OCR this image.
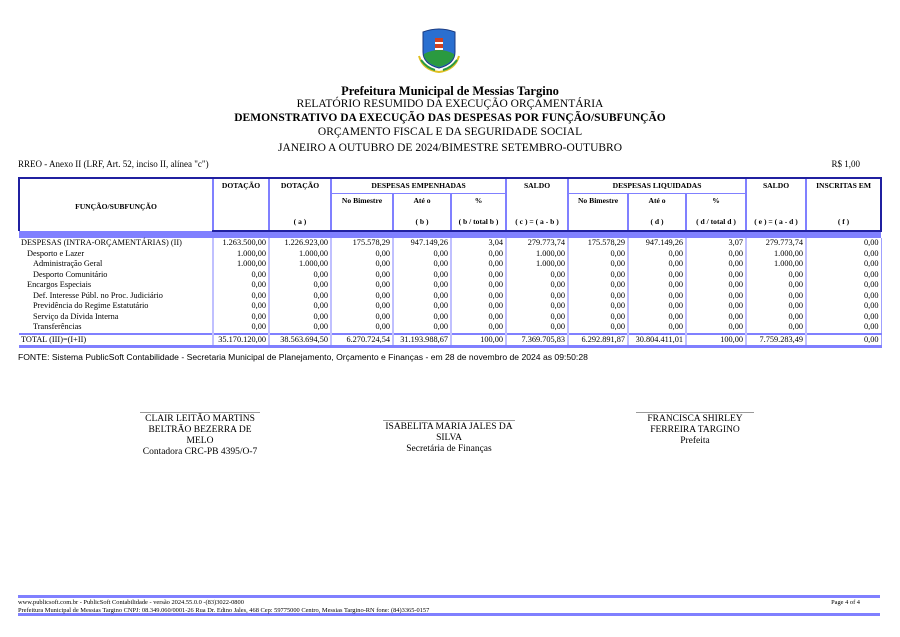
Prefeitura Municipal de Messias Targino
RELATÓRIO RESUMIDO DA EXECUÇÃO ORÇAMENTÁRIA
DEMONSTRATIVO DA EXECUÇÃO DAS DESPESAS POR FUNÇÃO/SUBFUNÇÃO
ORÇAMENTO FISCAL E DA SEGURIDADE SOCIAL
JANEIRO A OUTUBRO DE 2024/BIMESTRE SETEMBRO-OUTUBRO
RREO - Anexo II (LRF, Art. 52, inciso II, alínea "c")	R$ 1,00
FUNÇÃO/SUBFUNÇÃO	DOTAÇÃO	DOTAÇÃO	DESPESAS EMPENHADAS			SALDO	DESPESAS LIQUIDADAS			SALDO	INSCRITAS EM
			No Bimestre	Até o	%		No Bimestre	Até o	%		
		( a )		( b )	( b / total b )	( c ) = ( a - b )		( d )	( d / total d )	( e ) = ( a - d )	( f )

DESPESAS (INTRA-ORÇAMENTÁRIAS) (II)	1.263.500,00	1.226.923,00	175.578,29	947.149,26	3,04	279.773,74	175.578,29	947.149,26	3,07	279.773,74	0,00
Desporto e Lazer	1.000,00	1.000,00	0,00	0,00	0,00	1.000,00	0,00	0,00	0,00	1.000,00	0,00
Administração Geral	1.000,00	1.000,00	0,00	0,00	0,00	1.000,00	0,00	0,00	0,00	1.000,00	0,00
Desporto Comunitário	0,00	0,00	0,00	0,00	0,00	0,00	0,00	0,00	0,00	0,00	0,00
Encargos Especiais	0,00	0,00	0,00	0,00	0,00	0,00	0,00	0,00	0,00	0,00	0,00
Def. Interesse Públ. no Proc. Judiciário	0,00	0,00	0,00	0,00	0,00	0,00	0,00	0,00	0,00	0,00	0,00
Previdência do Regime Estatutário	0,00	0,00	0,00	0,00	0,00	0,00	0,00	0,00	0,00	0,00	0,00
Serviço da Dívida Interna	0,00	0,00	0,00	0,00	0,00	0,00	0,00	0,00	0,00	0,00	0,00
Transferências	0,00	0,00	0,00	0,00	0,00	0,00	0,00	0,00	0,00	0,00	0,00
TOTAL (III)=(I+II)	35.170.120,00	38.563.694,50	6.270.724,54	31.193.988,67	100,00	7.369.705,83	6.292.891,87	30.804.411,01	100,00	7.759.283,49	0,00
FONTE: Sistema PublicSoft Contabilidade - Secretaria Municipal de Planejamento, Orçamento e Finanças - em 28 de novembro de 2024 as 09:50:28
CLAIR LEITÃO MARTINS BELTRÃO BEZERRA DE MELO
Contadora CRC-PB 4395/O-7
ISABELITA MARIA JALES DA SILVA
Secretária de Finanças
FRANCISCA SHIRLEY FERREIRA TARGINO
Prefeita
www.publicsoft.com.br - PublicSoft Contabilidade - versão 2024.55.0.0 -(83)3022-0800	Page 4 of 4
Prefeitura Municipal de Messias Targino CNPJ: 08.349.060/0001-26 Rua Dr. Edino Jales, 468 Cep: 59775000 Centro, Messias Targino-RN fone: (84)3365-0157
